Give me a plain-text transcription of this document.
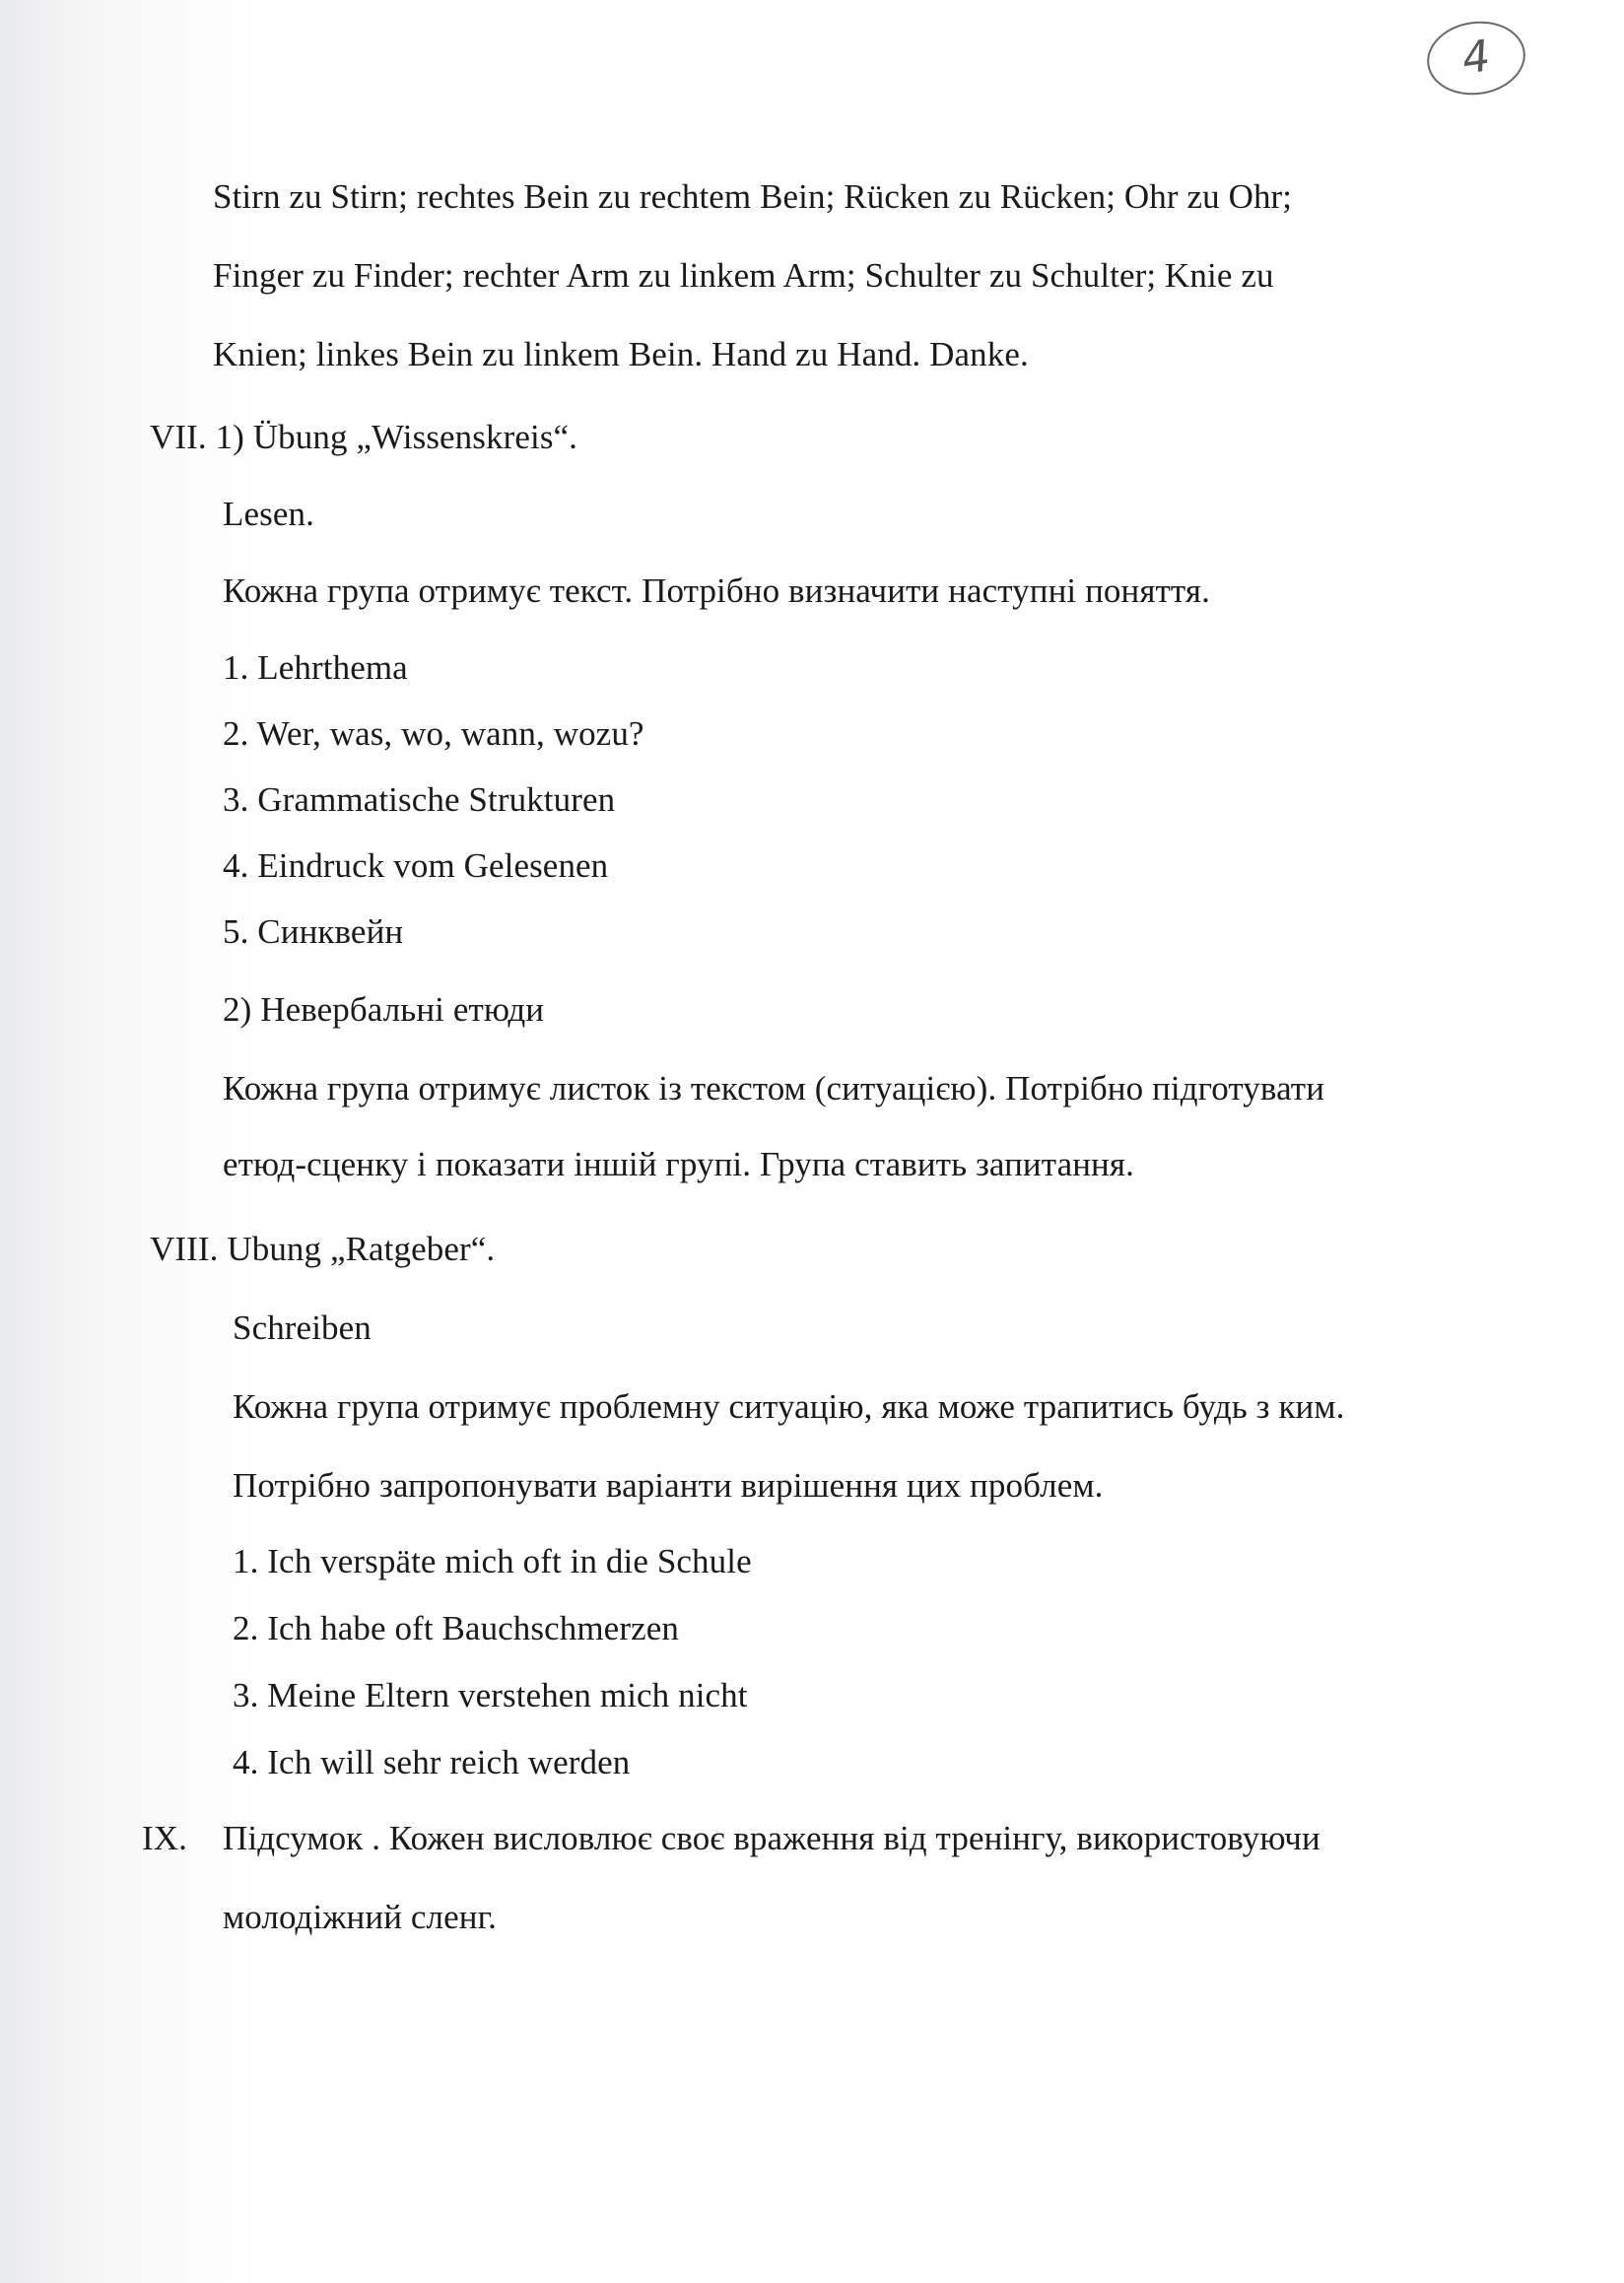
4
Stirn zu Stirn; rechtes Bein zu rechtem Bein; Rücken zu Rücken; Ohr zu Ohr;
Finger zu Finder; rechter Arm zu linkem Arm; Schulter zu Schulter; Knie zu
Knien; linkes Bein zu linkem Bein. Hand zu Hand. Danke.
VII. 1) Übung „Wissenskreis“.
Lesen.
Кожна група отримує текст. Потрібно визначити наступні поняття.
1. Lehrthema
2. Wer, was, wo, wann, wozu?
3. Grammatische Strukturen
4. Eindruck vom Gelesenen
5. Синквейн
2) Невербальні етюди
Кожна група отримує листок із текстом (ситуацією). Потрібно підготувати
етюд-сценку і показати іншій групі. Група ставить запитання.
VIII. Ubung „Ratgeber“.
Schreiben
Кожна група отримує проблемну ситуацію, яка може трапитись будь з ким.
Потрібно запропонувати варіанти вирішення цих проблем.
1. Ich verspäte mich oft in die Schule
2. Ich habe oft Bauchschmerzen
3. Meine Eltern verstehen mich nicht
4. Ich will sehr reich werden
IX. Підсумок . Кожен висловлює своє враження від тренінгу, використовуючи
молодіжний сленг.
